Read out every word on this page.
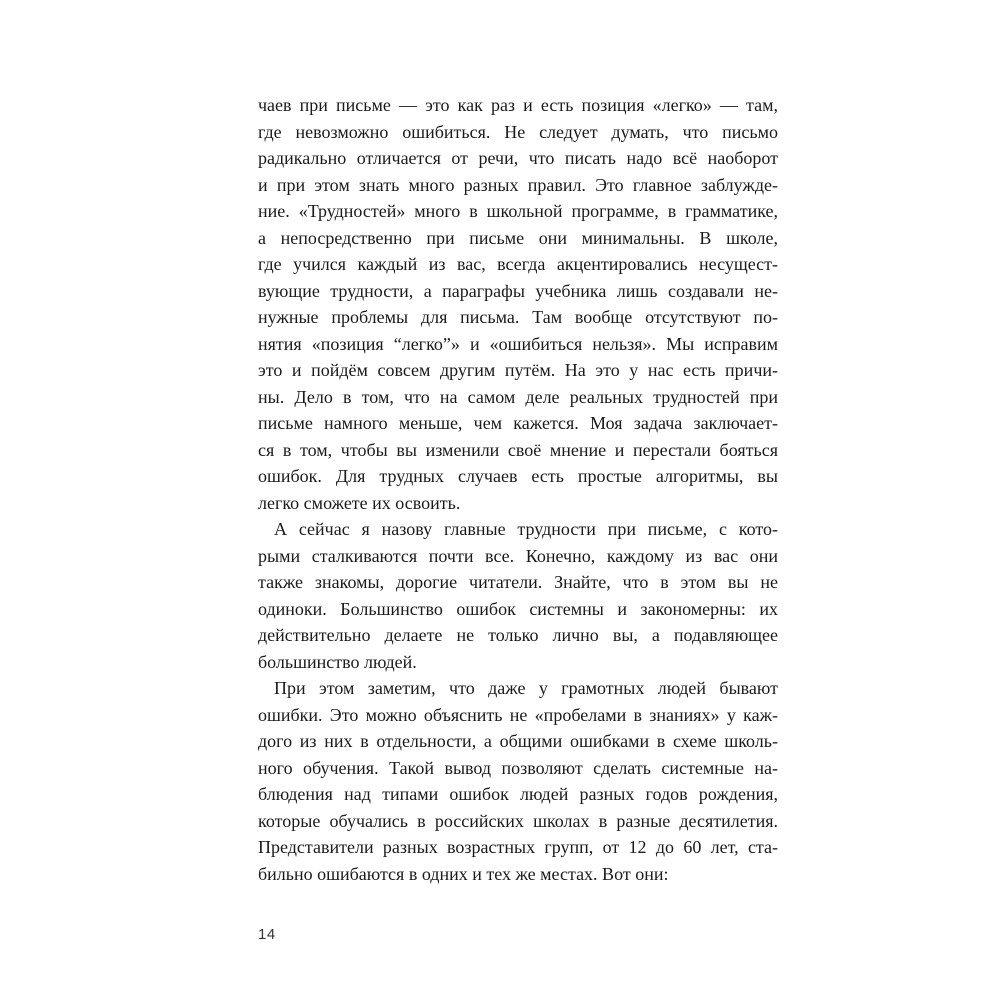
чаев при письме — это как раз и есть позиция «легко» — там,
где невозможно ошибиться. Не следует думать, что письмо
радикально отличается от речи, что писать надо всё наоборот
и при этом знать много разных правил. Это главное заблужде-
ние. «Трудностей» много в школьной программе, в грамматике,
а непосредственно при письме они минимальны. В школе,
где учился каждый из вас, всегда акцентировались несущест-
вующие трудности, а параграфы учебника лишь создавали не-
нужные проблемы для письма. Там вообще отсутствуют по-
нятия «позиция “легко”» и «ошибиться нельзя». Мы исправим
это и пойдём совсем другим путём. На это у нас есть причи-
ны. Дело в том, что на самом деле реальных трудностей при
письме намного меньше, чем кажется. Моя задача заключает-
ся в том, чтобы вы изменили своё мнение и перестали бояться
ошибок. Для трудных случаев есть простые алгоритмы, вы
легко сможете их освоить.
А сейчас я назову главные трудности при письме, с кото-
рыми сталкиваются почти все. Конечно, каждому из вас они
также знакомы, дорогие читатели. Знайте, что в этом вы не
одиноки. Большинство ошибок системны и закономерны: их
действительно делаете не только лично вы, а подавляющее
большинство людей.
При этом заметим, что даже у грамотных людей бывают
ошибки. Это можно объяснить не «пробелами в знаниях» у каж-
дого из них в отдельности, а общими ошибками в схеме школь-
ного обучения. Такой вывод позволяют сделать системные на-
блюдения над типами ошибок людей разных годов рождения,
которые обучались в российских школах в разные десятилетия.
Представители разных возрастных групп, от 12 до 60 лет, ста-
бильно ошибаются в одних и тех же местах. Вот они:
14
